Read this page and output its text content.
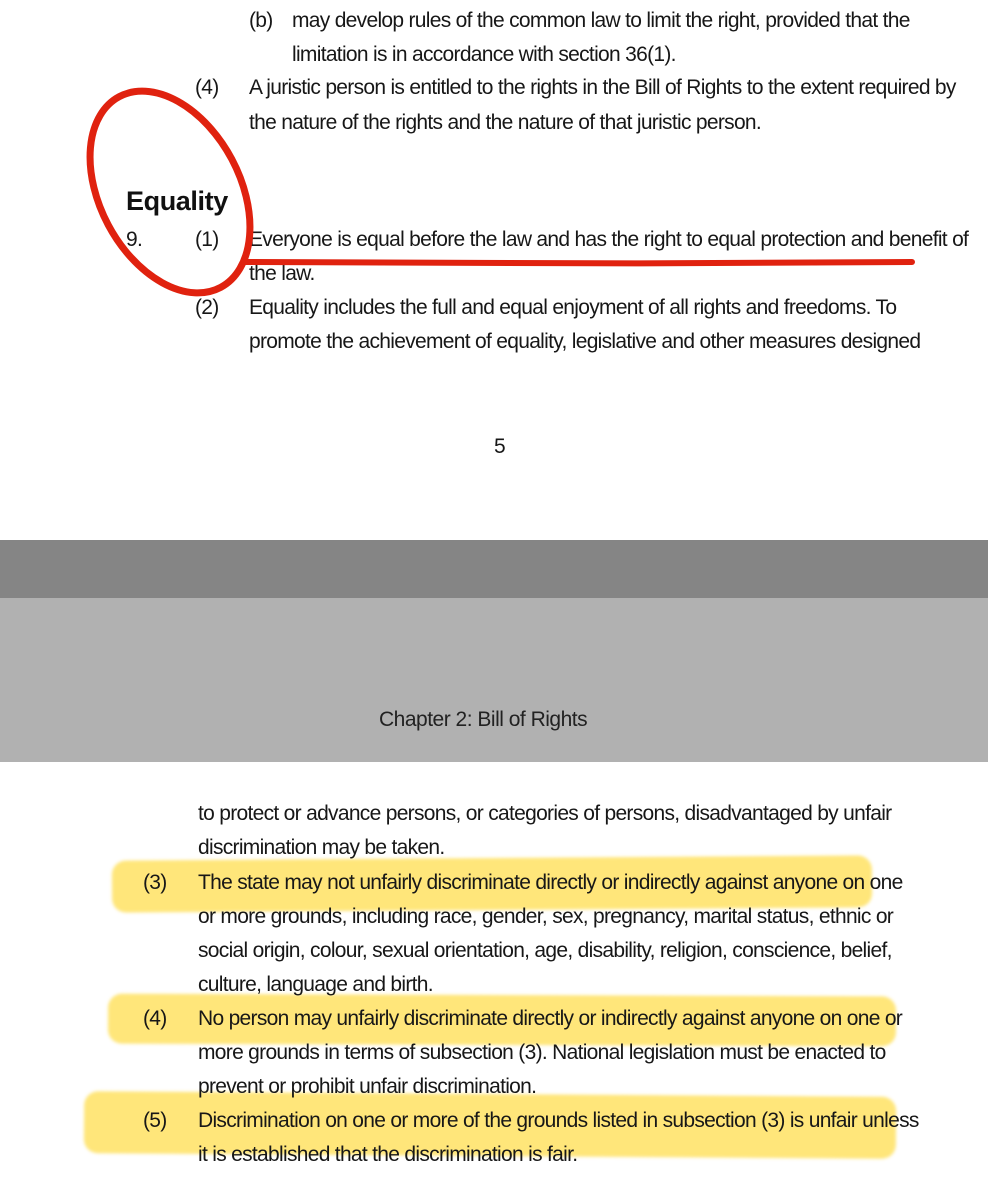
(b) may develop rules of the common law to limit the right, provided that the
limitation is in accordance with section 36(1).
(4) A juristic person is entitled to the rights in the Bill of Rights to the extent required by
the nature of the rights and the nature of that juristic person.
Equality
9.	(1) Everyone is equal before the law and has the right to equal protection and benefit of
the law.
(2) Equality includes the full and equal enjoyment of all rights and freedoms. To
promote the achievement of equality, legislative and other measures designed
5
Chapter 2: Bill of Rights
to protect or advance persons, or categories of persons, disadvantaged by unfair
discrimination may be taken.
(3) The state may not unfairly discriminate directly or indirectly against anyone on one
or more grounds, including race, gender, sex, pregnancy, marital status, ethnic or
social origin, colour, sexual orientation, age, disability, religion, conscience, belief,
culture, language and birth.
(4) No person may unfairly discriminate directly or indirectly against anyone on one or
more grounds in terms of subsection (3). National legislation must be enacted to
prevent or prohibit unfair discrimination.
(5) Discrimination on one or more of the grounds listed in subsection (3) is unfair unless
it is established that the discrimination is fair.
